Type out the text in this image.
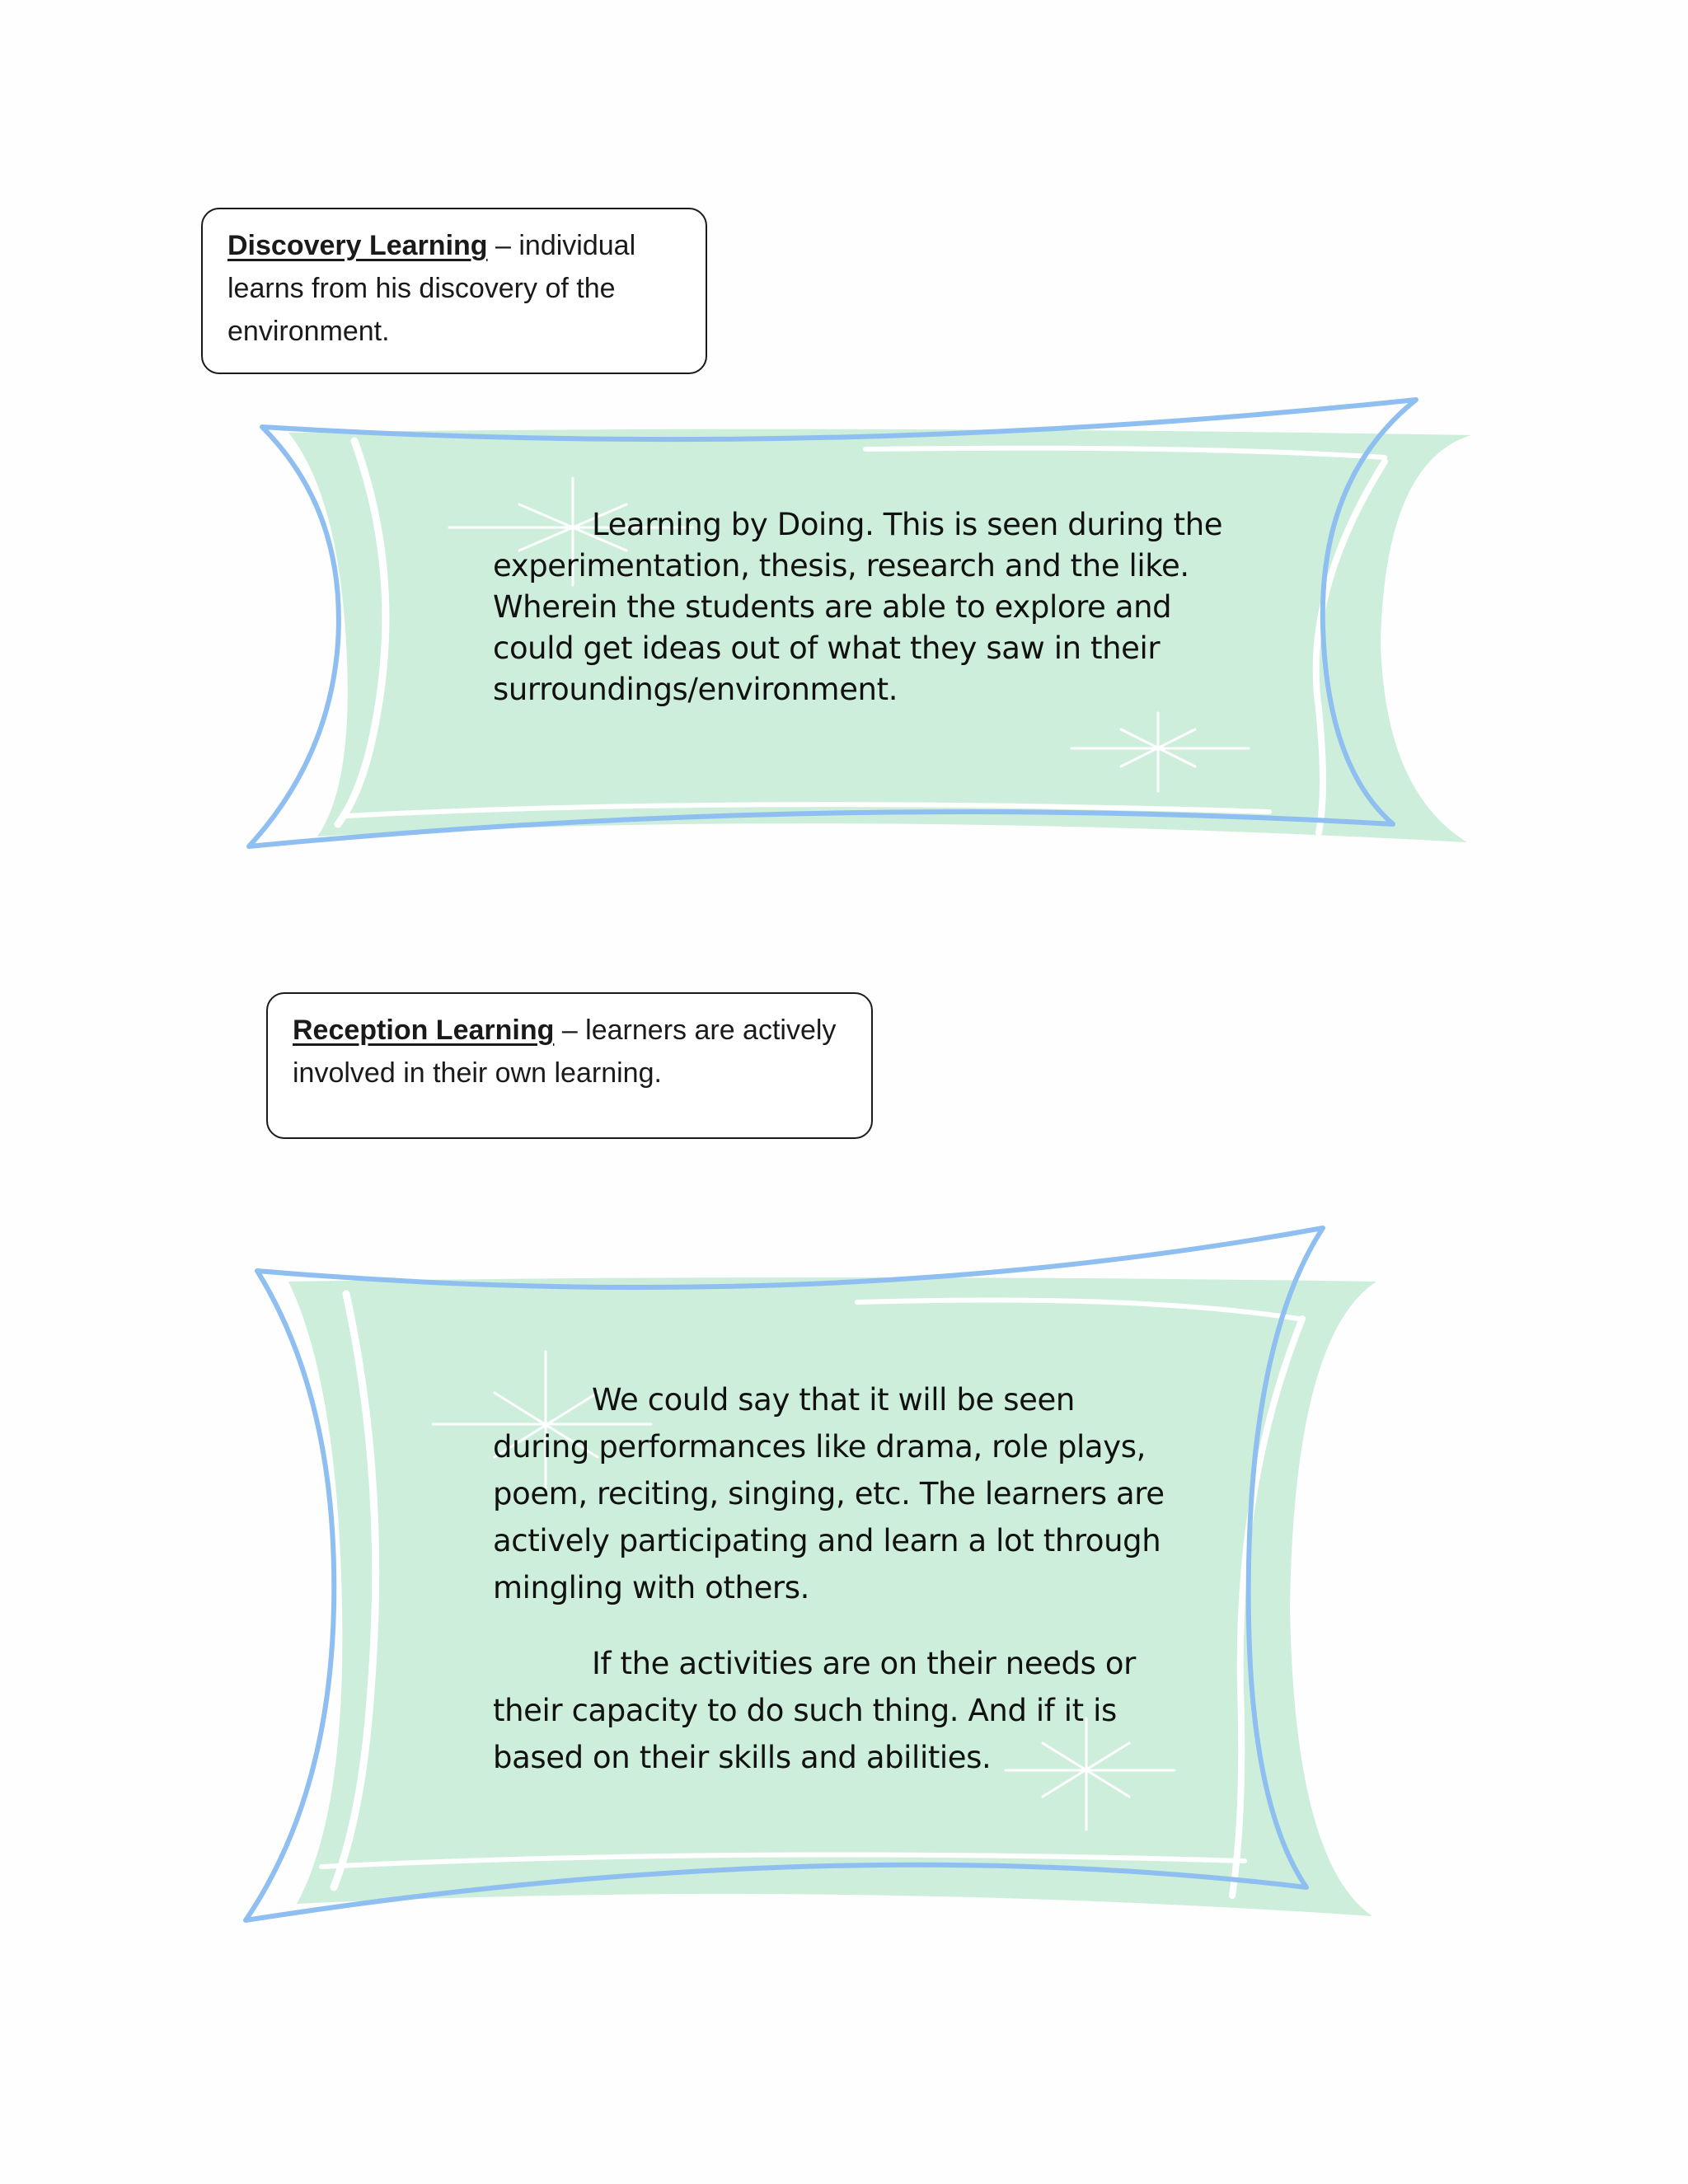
Discovery Learning – individual
learns from his discovery of the
environment.

Learning by Doing. This is seen during the experimentation, thesis, research and the like. Wherein the students are able to explore and could get ideas out of what they saw in their surroundings/environment.

Reception Learning – learners are actively
involved in their own learning.

We could say that it will be seen during performances like drama, role plays, poem, reciting, singing, etc. The learners are actively participating and learn a lot through mingling with others.

If the activities are on their needs or their capacity to do such thing. And if it is based on their skills and abilities.
